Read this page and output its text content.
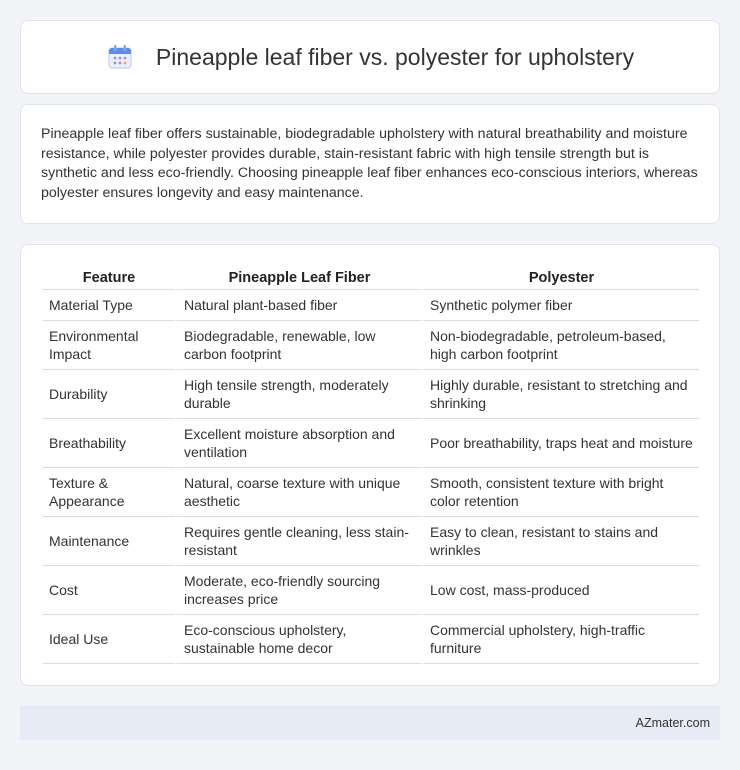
Pineapple leaf fiber vs. polyester for upholstery

Pineapple leaf fiber offers sustainable, biodegradable upholstery with natural breathability and moisture resistance, while polyester provides durable, stain-resistant fabric with high tensile strength but is synthetic and less eco-friendly. Choosing pineapple leaf fiber enhances eco-conscious interiors, whereas polyester ensures longevity and easy maintenance.

Feature	Pineapple Leaf Fiber	Polyester
Material Type	Natural plant-based fiber	Synthetic polymer fiber
Environmental Impact	Biodegradable, renewable, low carbon footprint	Non-biodegradable, petroleum-based, high carbon footprint
Durability	High tensile strength, moderately durable	Highly durable, resistant to stretching and shrinking
Breathability	Excellent moisture absorption and ventilation	Poor breathability, traps heat and moisture
Texture & Appearance	Natural, coarse texture with unique aesthetic	Smooth, consistent texture with bright color retention
Maintenance	Requires gentle cleaning, less stain-resistant	Easy to clean, resistant to stains and wrinkles
Cost	Moderate, eco-friendly sourcing increases price	Low cost, mass-produced
Ideal Use	Eco-conscious upholstery, sustainable home decor	Commercial upholstery, high-traffic furniture
AZmater.com
